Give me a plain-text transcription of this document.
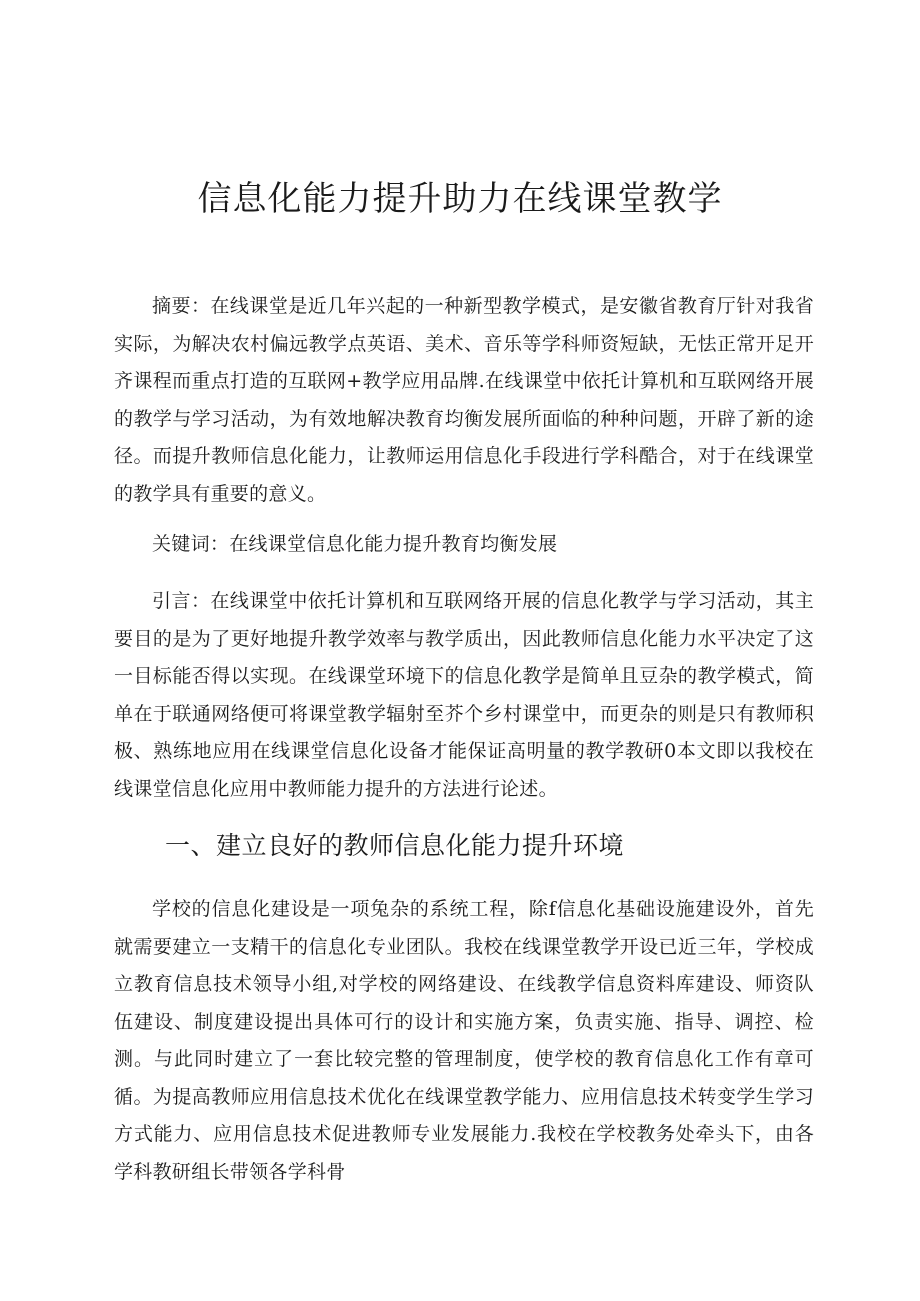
信息化能力提升助力在线课堂教学

摘要：在线课堂是近几年兴起的一种新型教学模式，是安徽省教育厅针对我省实际，为解决农村偏远教学点英语、美术、音乐等学科师资短缺，无怯正常开足开齐课程而重点打造的互联网+教学应用品牌.在线课堂中依托计算机和互联网络开展的教学与学习活动，为有效地解决教育均衡发展所面临的种种问题，开辟了新的途径。而提升教师信息化能力，让教师运用信息化手段进行学科酷合，对于在线课堂的教学具有重要的意义。

关键词：在线课堂信息化能力提升教育均衡发展

引言：在线课堂中依托计算机和互联网络开展的信息化教学与学习活动，其主要目的是为了更好地提升教学效率与教学质出，因此教师信息化能力水平决定了这一目标能否得以实现。在线课堂环境下的信息化教学是简单且豆杂的教学模式，简单在于联通网络便可将课堂教学辐射至芥个乡村课堂中，而更杂的则是只有教师积极、熟练地应用在线课堂信息化设备才能保证高明量的教学教研0本文即以我校在线课堂信息化应用中教师能力提升的方法进行论述。

一、建立良好的教师信息化能力提升环境

学校的信息化建设是一项兔杂的系统工程，除f信息化基础设施建设外，首先就需要建立一支精干的信息化专业团队。我校在线课堂教学开设已近三年，学校成立教育信息技术领导小组,对学校的网络建设、在线教学信息资料库建设、师资队伍建设、制度建设提出具体可行的设计和实施方案，负责实施、指导、调控、检测。与此同时建立了一套比较完整的管理制度，使学校的教育信息化工作有章可循。为提高教师应用信息技术优化在线课堂教学能力、应用信息技术转变学生学习方式能力、应用信息技术促进教师专业发展能力.我校在学校教务处牵头下，由各学科教研组长带领各学科骨
